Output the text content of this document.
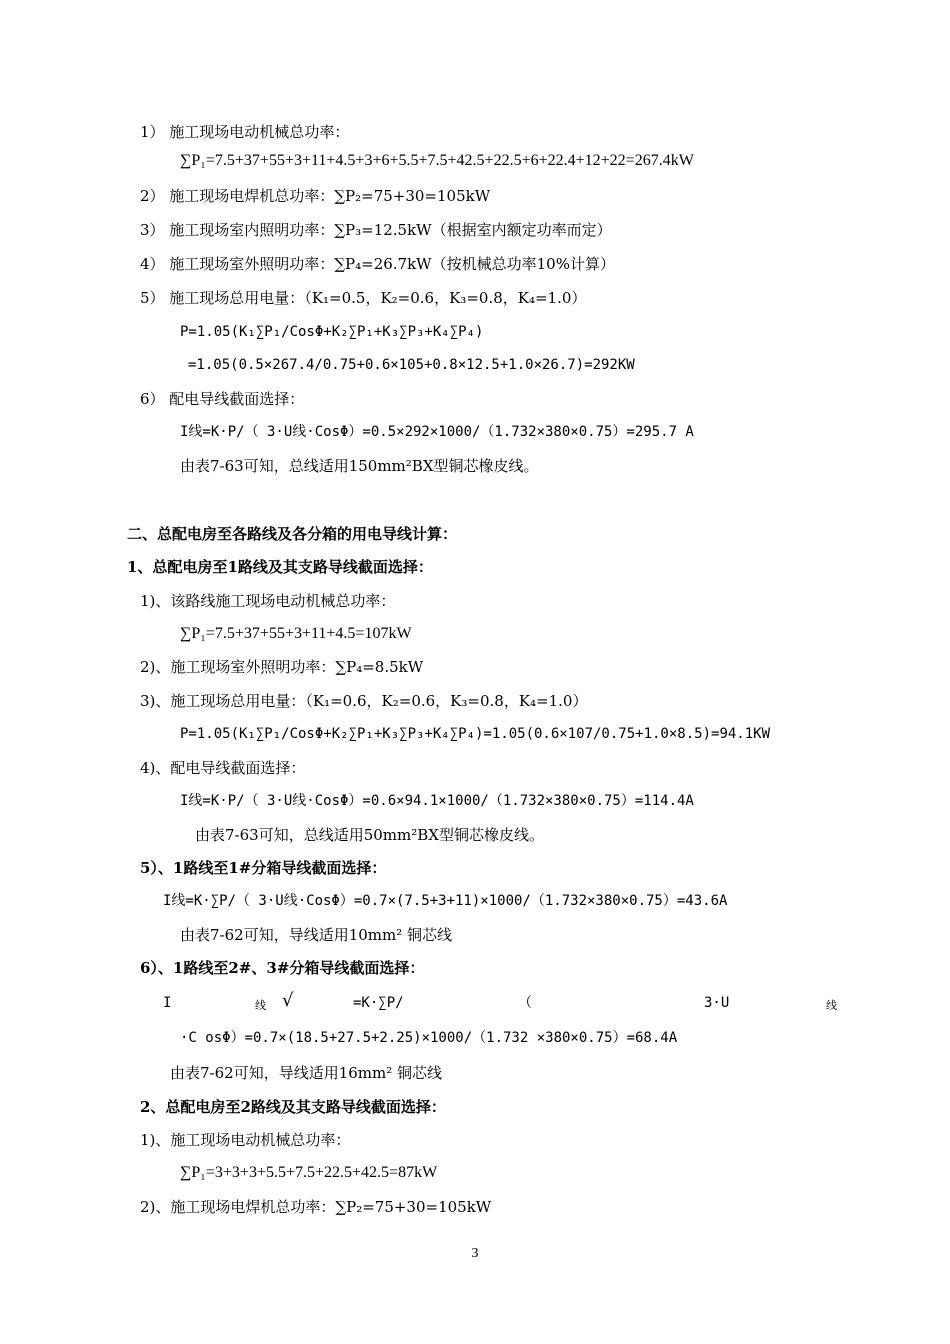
1） 施工现场电动机械总功率：
∑P₁=7.5+37+55+3+11+4.5+3+6+5.5+7.5+42.5+22.5+6+22.4+12+22=267.4kW
2） 施工现场电焊机总功率：∑P₂=75+30=105kW
3） 施工现场室内照明功率：∑P₃=12.5kW（根据室内额定功率而定）
4） 施工现场室外照明功率：∑P₄=26.7kW（按机械总功率10%计算）
5） 施工现场总用电量：（K₁=0.5，K₂=0.6，K₃=0.8，K₄=1.0）
P=1.05(K₁∑P₁/CosΦ+K₂∑P₁+K₃∑P₃+K₄∑P₄)
=1.05(0.5×267.4/0.75+0.6×105+0.8×12.5+1.0×26.7)=292KW
6） 配电导线截面选择：
I线=K·P/（ 3·U线·CosΦ）=0.5×292×1000/（1.732×380×0.75）=295.7 A
由表7-63可知，总线适用150mm²BX型铜芯橡皮线。
二、总配电房至各路线及各分箱的用电导线计算：
1、总配电房至1路线及其支路导线截面选择：
1)、该路线施工现场电动机械总功率：
∑P₁=7.5+37+55+3+11+4.5=107kW
2)、施工现场室外照明功率：∑P₄=8.5kW
3)、施工现场总用电量：（K₁=0.6，K₂=0.6，K₃=0.8，K₄=1.0）
P=1.05(K₁∑P₁/CosΦ+K₂∑P₁+K₃∑P₃+K₄∑P₄)=1.05(0.6×107/0.75+1.0×8.5)=94.1KW
4)、配电导线截面选择：
I线=K·P/（ 3·U线·CosΦ）=0.6×94.1×1000/（1.732×380×0.75）=114.4A
由表7-63可知，总线适用50mm²BX型铜芯橡皮线。
5）、1路线至1#分箱导线截面选择：
I线=K·∑P/（ 3·U线·CosΦ）=0.7×(7.5+3+11)×1000/（1.732×380×0.75）=43.6A
由表7-62可知，导线适用10mm² 铜芯线
6）、1路线至2#、3#分箱导线截面选择：
I	线 √	=K·∑P/	（	3·U	线
·C osΦ）=0.7×(18.5+27.5+2.25)×1000/（1.732 ×380×0.75）=68.4A
由表7-62可知，导线适用16mm² 铜芯线
2、总配电房至2路线及其支路导线截面选择：
1)、施工现场电动机械总功率：
∑P₁=3+3+3+5.5+7.5+22.5+42.5=87kW
2)、施工现场电焊机总功率：∑P₂=75+30=105kW
3
